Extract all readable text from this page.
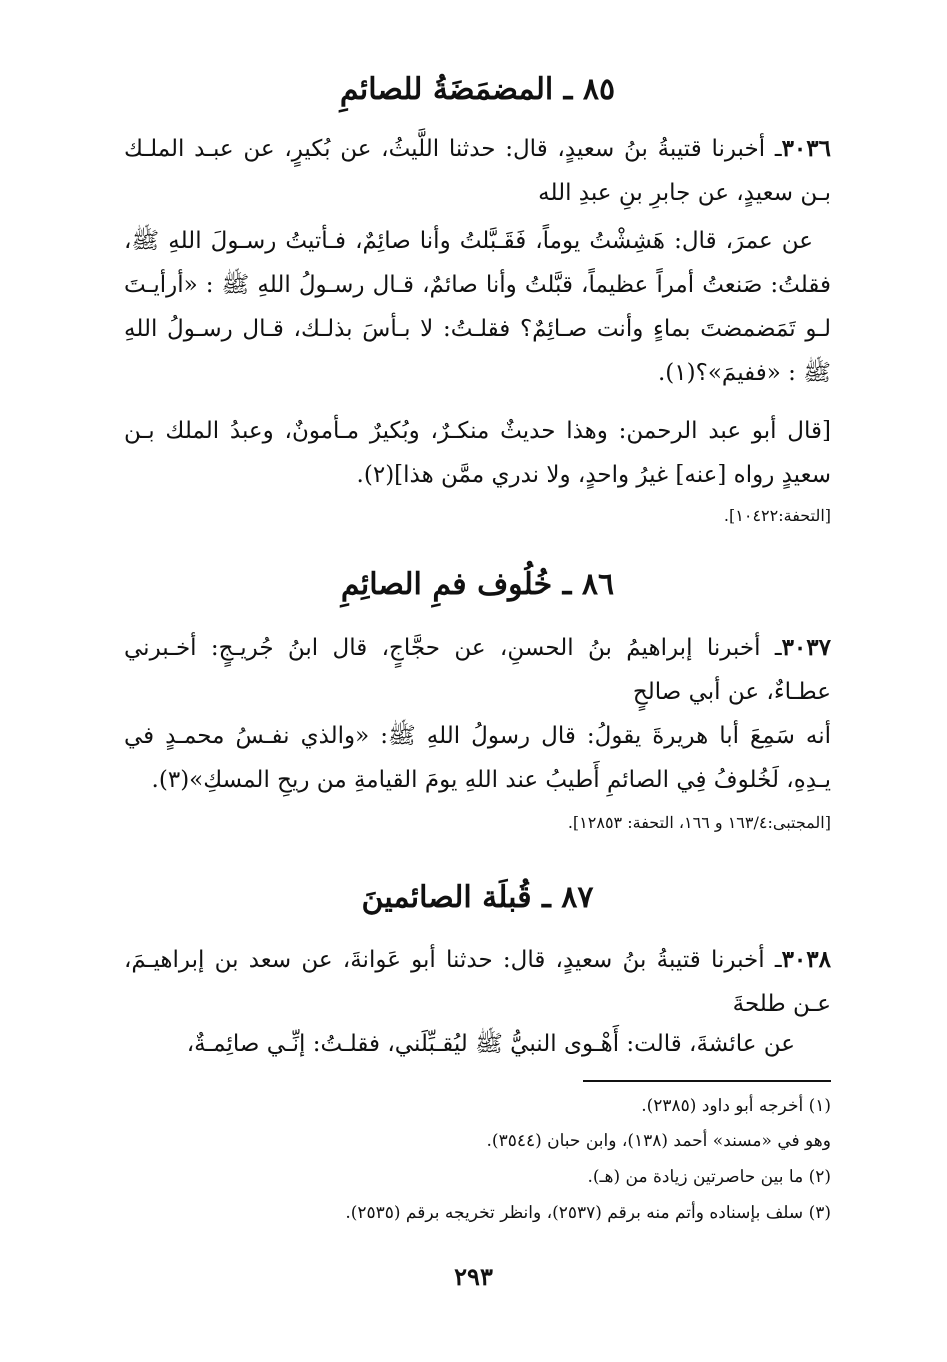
٨٥ ـ المضمَضَةُ للصائمِ
٣٠٣٦ـ أخبرنا قتيبةُ بنُ سعيدٍ، قال: حدثنا اللَّيثُ، عن بُكيرٍ، عن عبـد الملـك بـن سعيدٍ، عن جابرِ بنِ عبدِ الله
عن عمرَ، قال: هَشِشْتُ يوماً، فَقَـبَّلتُ وأنا صائِمٌ، فـأتيتُ رسـولَ اللهِ ﷺ، فقلتُ: صَنعتُ أمراً عظيماً، قبَّلتُ وأنا صائمٌ، قـال رسـولُ اللهِ ﷺ : «أرأيـتَ لـو تَمَضمضتَ بماءٍ وأنت صـائِمٌ؟ فقلـتُ: لا بـأسَ بذلـك، قـال رسـولُ اللهِ ﷺ : «ففيمَ»؟(١).
[قال أبو عبد الرحمن: وهذا حديثٌ منكـرٌ، وبُكيرٌ مـأمونٌ، وعبدُ الملك بـن سعيدٍ رواه [عنه] غيرُ واحدٍ، ولا ندري ممَّن هذا](٢).
[التحفة:١٠٤٢٢].
٨٦ ـ خُلُوف فمِ الصائِمِ
٣٠٣٧ـ أخبرنا إبراهيمُ بنُ الحسنِ، عن حجَّاجٍ، قال ابنُ جُريـجٍ: أخـبرني عطـاءٌ، عن أبي صالحٍ
أنه سَمِعَ أبا هريرةَ يقولُ: قال رسولُ اللهِ ﷺ: «والذي نفـسُ محمـدٍ في يـدِهِ، لَخُلوفُ فِي الصائمِ أَطيبُ عند اللهِ يومَ القيامةِ من ريحِ المسكِ»(٣).
[المجتبى:١٦٣/٤ و ١٦٦، التحفة: ١٢٨٥٣].
٨٧ ـ قُبلَة الصائمينَ
٣٠٣٨ـ أخبرنا قتيبةُ بنُ سعيدٍ، قال: حدثنا أبو عَوانةَ، عن سعد بن إبراهيـمَ، عـن طلحةَ
عن عائشةَ، قالت: أَهْـوى النبيُّ ﷺ ليُقـبِّلَني، فقلـتُ: إنِّـي صائِمـةٌ،
(١) أخرجه أبو داود (٢٣٨٥).
وهو في «مسند» أحمد (١٣٨)، وابن حبان (٣٥٤٤).
(٢) ما بين حاصرتين زيادة من (هـ).
(٣) سلف بإسناده وأتم منه برقم (٢٥٣٧)، وانظر تخريجه برقم (٢٥٣٥).
٢٩٣
